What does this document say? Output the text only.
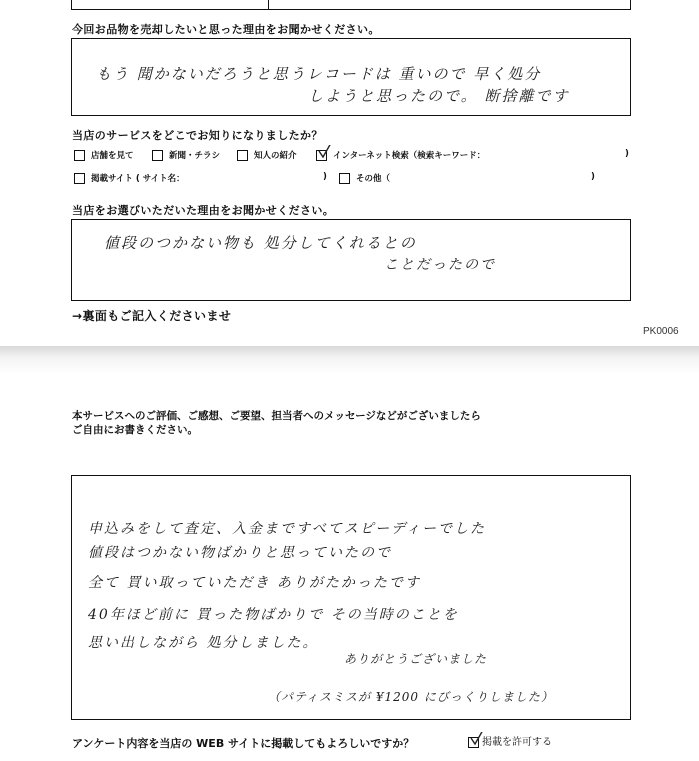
今回お品物を売却したいと思った理由をお聞かせください。
もう 聞かないだろうと思うレコードは 重いので 早く処分
しようと思ったので。 断捨離です
当店のサービスをどこでお知りになりましたか？
店舗を見て	新聞・チラシ	知人の紹介	インターネット検索（検索キーワード：	)
掲載サイト ( サイト名：	)	その他（	)
当店をお選びいただいた理由をお聞かせください。
値段のつかない物も 処分してくれるとの
ことだったので
→裏面もご記入くださいませ
PK0006
本サービスへのご評価、ご感想、ご要望、担当者へのメッセージなどがございましたら
ご自由にお書きください。
申込みをして査定、入金まですべてスピーディーでした
値段はつかない物ばかりと思っていたので
全て 買い取っていただき ありがたかったです
40年ほど前に 買った物ばかりで その当時のことを
思い出しながら 処分しました。
ありがとうございました
（パティスミスが ¥1200 にびっくりしました）
アンケート内容を当店の WEB サイトに掲載してもよろしいですか？	掲載を許可する
